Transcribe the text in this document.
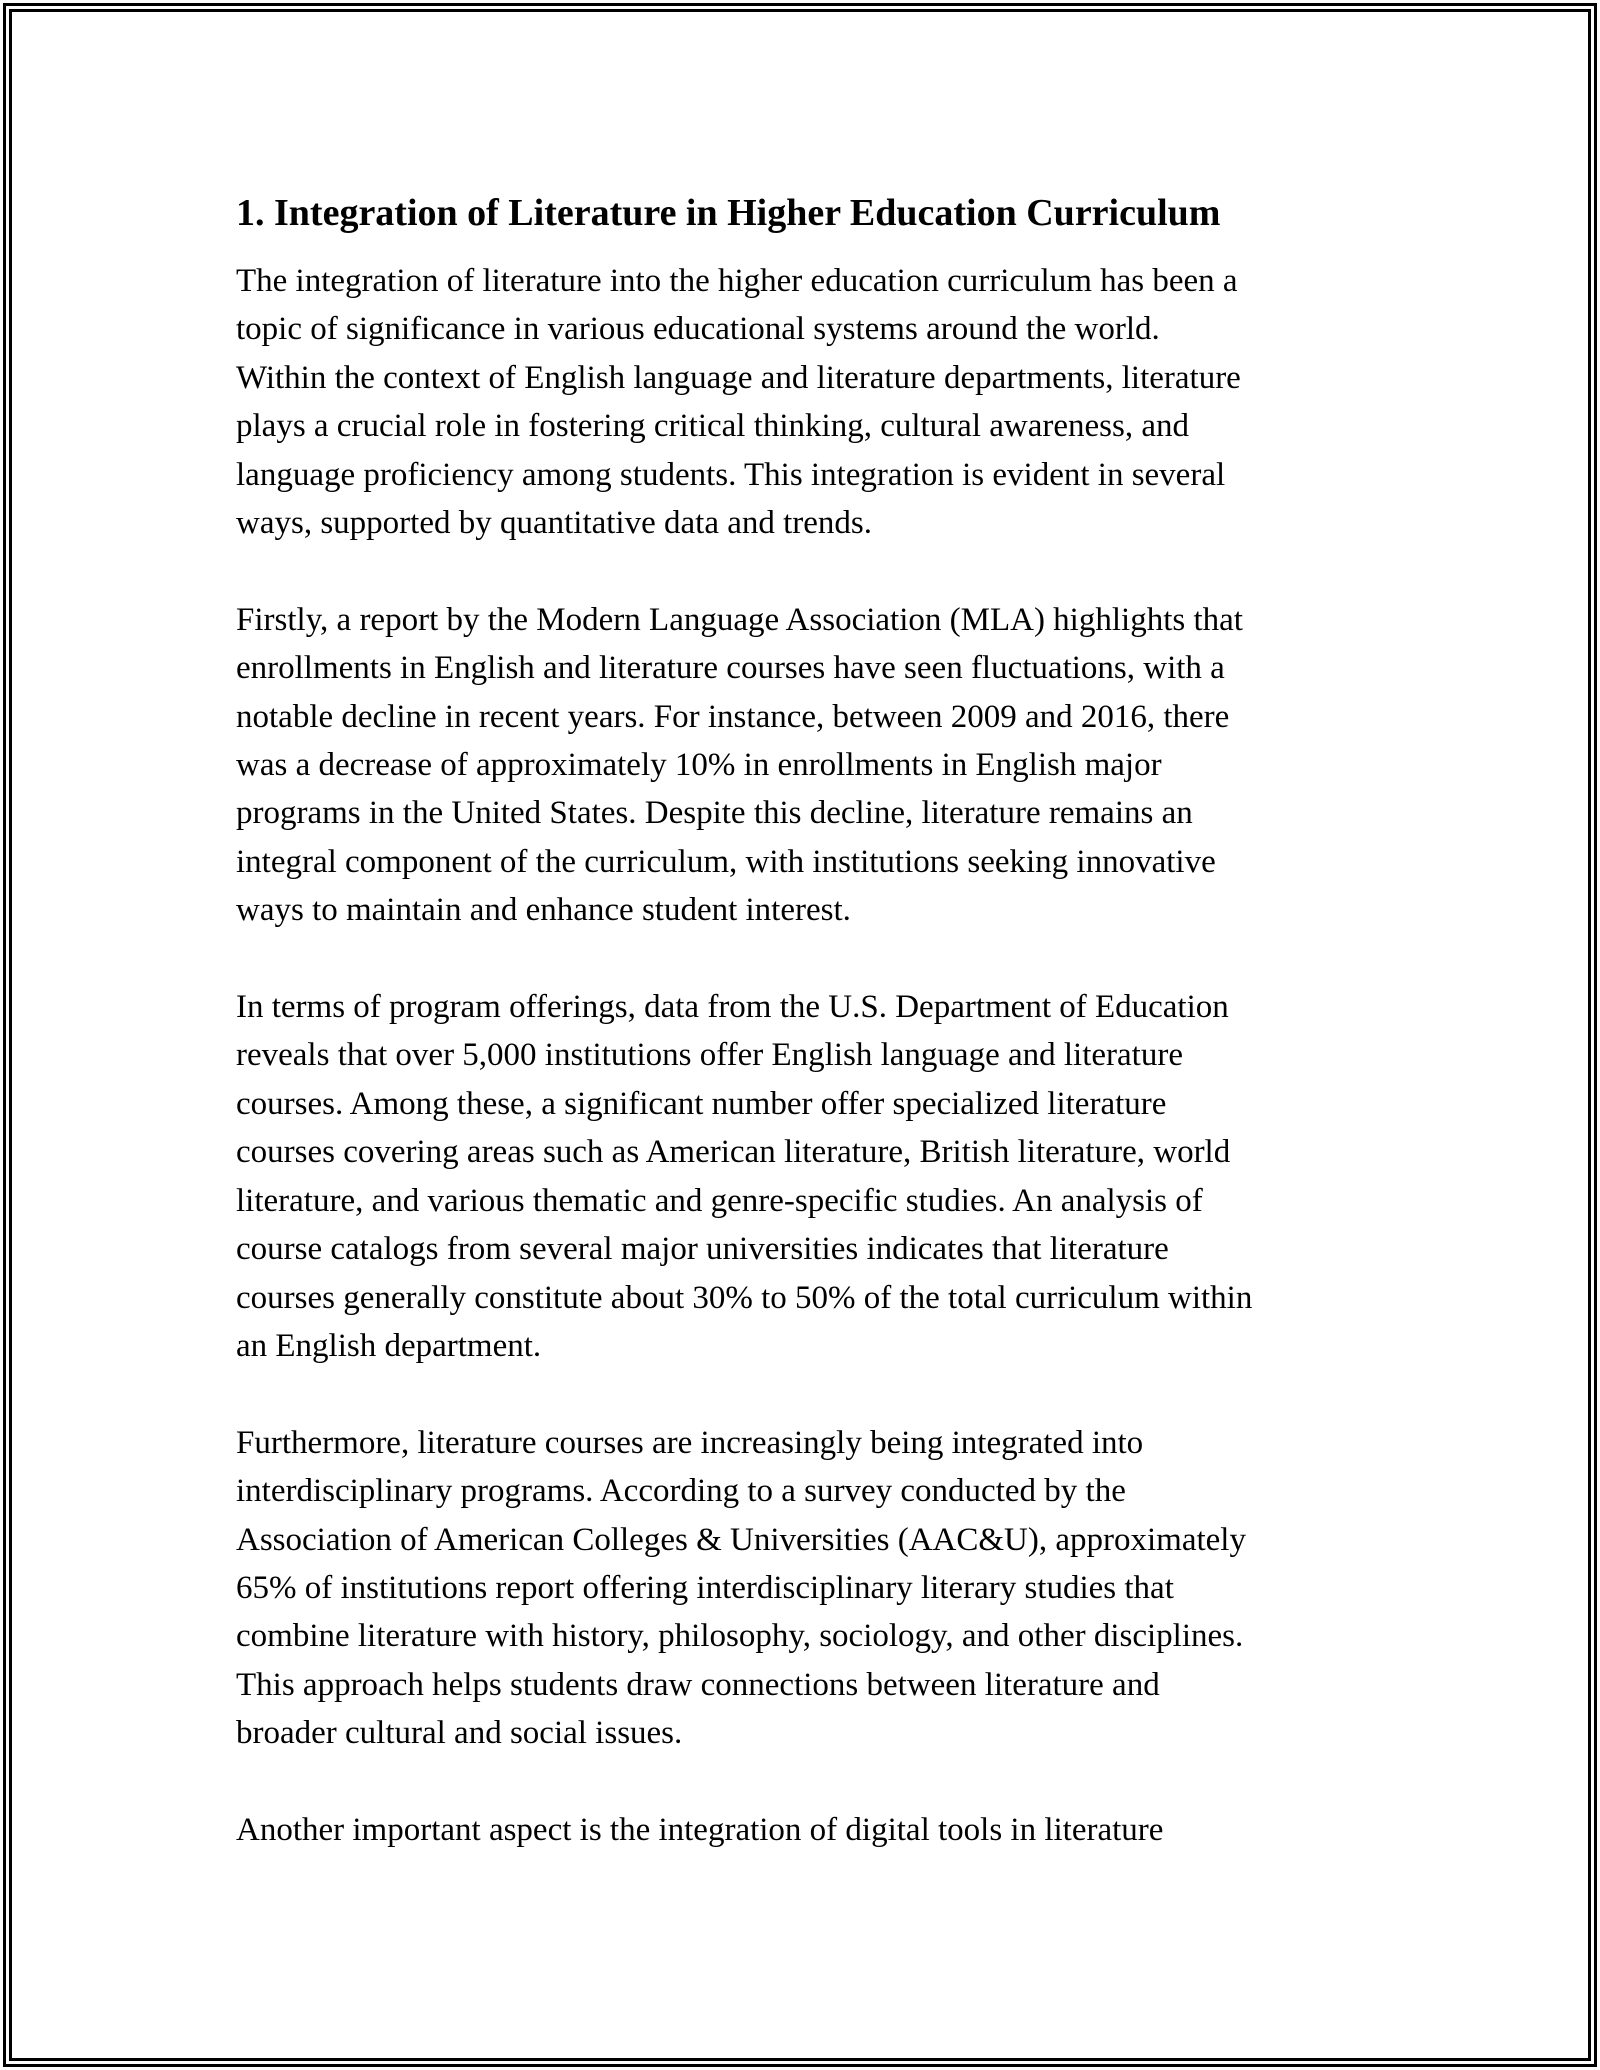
1. Integration of Literature in Higher Education Curriculum

The integration of literature into the higher education curriculum has been a
topic of significance in various educational systems around the world.
Within the context of English language and literature departments, literature
plays a crucial role in fostering critical thinking, cultural awareness, and
language proficiency among students. This integration is evident in several
ways, supported by quantitative data and trends.

Firstly, a report by the Modern Language Association (MLA) highlights that
enrollments in English and literature courses have seen fluctuations, with a
notable decline in recent years. For instance, between 2009 and 2016, there
was a decrease of approximately 10% in enrollments in English major
programs in the United States. Despite this decline, literature remains an
integral component of the curriculum, with institutions seeking innovative
ways to maintain and enhance student interest.

In terms of program offerings, data from the U.S. Department of Education
reveals that over 5,000 institutions offer English language and literature
courses. Among these, a significant number offer specialized literature
courses covering areas such as American literature, British literature, world
literature, and various thematic and genre-specific studies. An analysis of
course catalogs from several major universities indicates that literature
courses generally constitute about 30% to 50% of the total curriculum within
an English department.

Furthermore, literature courses are increasingly being integrated into
interdisciplinary programs. According to a survey conducted by the
Association of American Colleges & Universities (AAC&U), approximately
65% of institutions report offering interdisciplinary literary studies that
combine literature with history, philosophy, sociology, and other disciplines.
This approach helps students draw connections between literature and
broader cultural and social issues.

Another important aspect is the integration of digital tools in literature
